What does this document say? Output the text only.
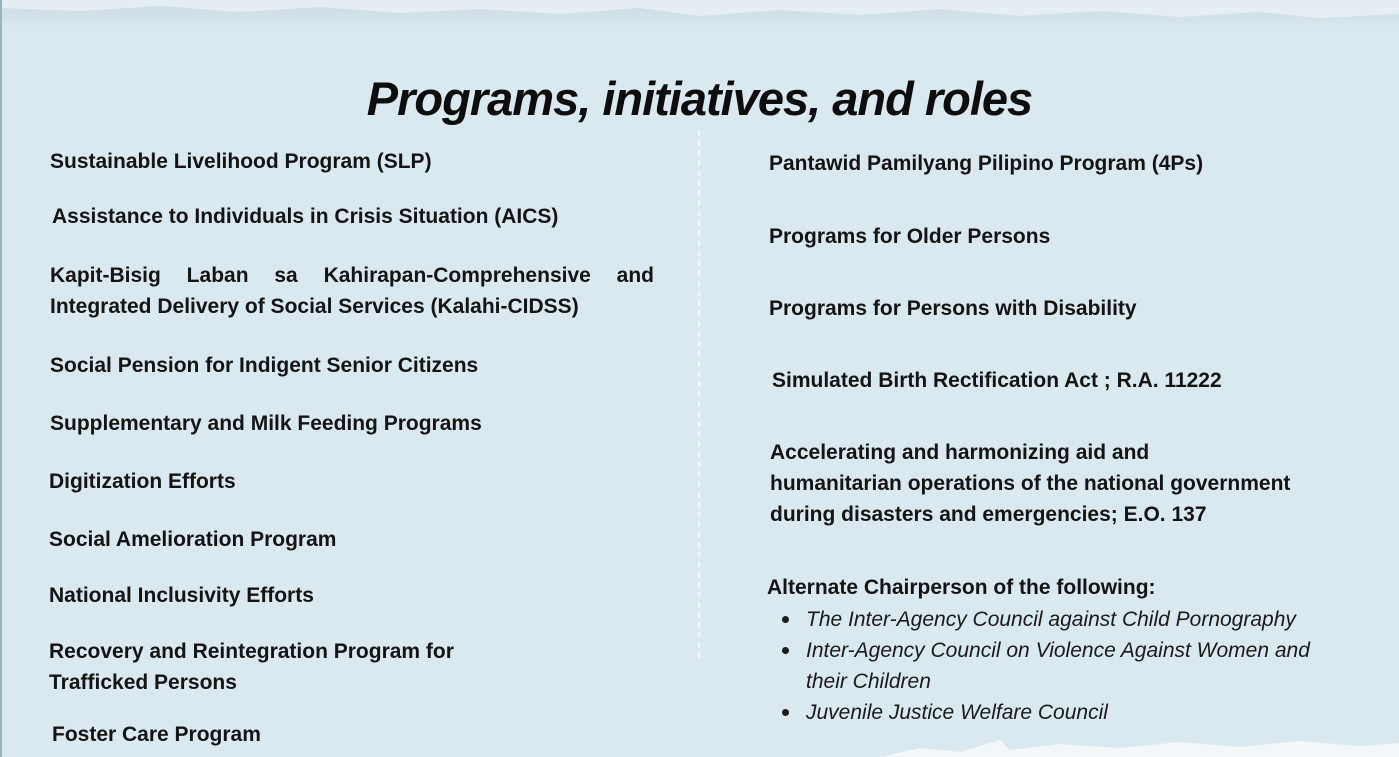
Programs, initiatives, and roles

Sustainable Livelihood Program (SLP)

Assistance to Individuals in Crisis Situation (AICS)

Kapit-Bisig Laban sa Kahirapan-Comprehensive and
Integrated Delivery of Social Services (Kalahi-CIDSS)

Social Pension for Indigent Senior Citizens

Supplementary and Milk Feeding Programs

Digitization Efforts

Social Amelioration Program

National Inclusivity Efforts

Recovery and Reintegration Program for
Trafficked Persons

Foster Care Program

Pantawid Pamilyang Pilipino Program (4Ps)

Programs for Older Persons

Programs for Persons with Disability

Simulated Birth Rectification Act ; R.A. 11222

Accelerating and harmonizing aid and
humanitarian operations of the national government
during disasters and emergencies; E.O. 137

Alternate Chairperson of the following:

The Inter-Agency Council against Child Pornography
Inter-Agency Council on Violence Against Women and
their Children
Juvenile Justice Welfare Council
